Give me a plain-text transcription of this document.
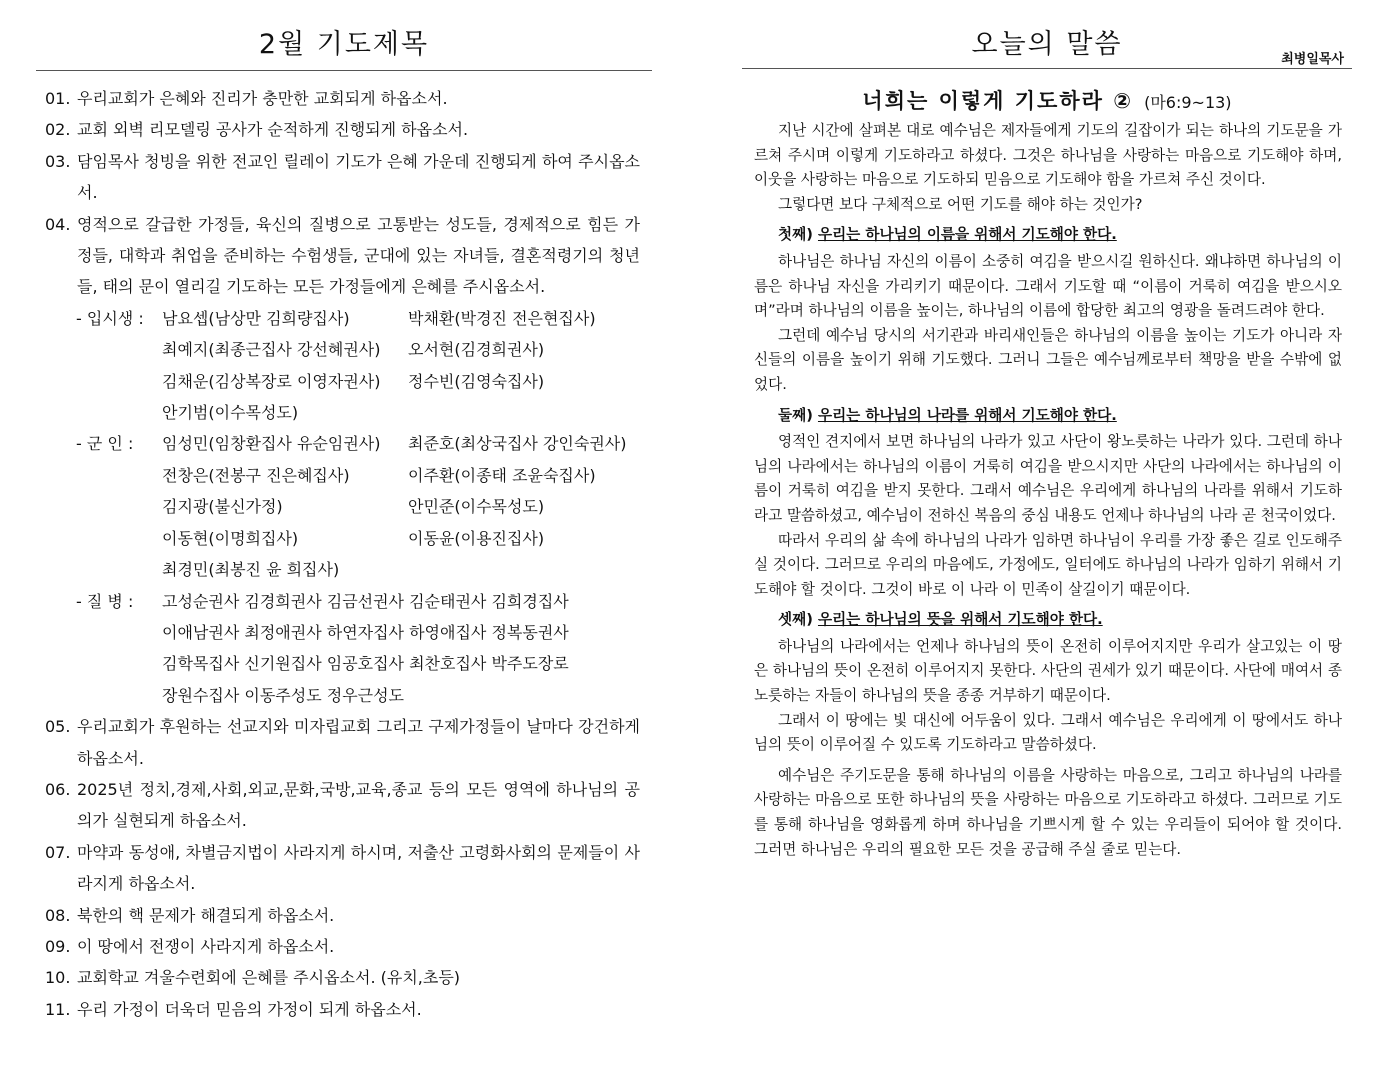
2월 기도제목
01. 우리교회가 은혜와 진리가 충만한 교회되게 하옵소서.
02. 교회 외벽 리모델링 공사가 순적하게 진행되게 하옵소서.
03. 담임목사 청빙을 위한 전교인 릴레이 기도가 은혜 가운데 진행되게 하여 주시옵소서.
04. 영적으로 갈급한 가정들, 육신의 질병으로 고통받는 성도들, 경제적으로 힘든 가정들, 대학과 취업을 준비하는 수험생들, 군대에 있는 자녀들, 결혼적령기의 청년들, 태의 문이 열리길 기도하는 모든 가정들에게 은혜를 주시옵소서.
- 입시생 :	남요셉(남상만 김희량집사)	박채환(박경진 전은현집사)
최예지(최종근집사 강선혜권사)	오서현(김경희권사)
김채운(김상복장로 이영자권사)	정수빈(김영숙집사)
안기범(이수목성도)
- 군 인 :	임성민(임창환집사 유순임권사)	최준호(최상국집사 강인숙권사)
전창은(전봉구 진은혜집사)	이주환(이종태 조윤숙집사)
김지광(불신가정)	안민준(이수목성도)
이동현(이명희집사)	이동윤(이용진집사)
최경민(최봉진 윤 희집사)
- 질 병 :	고성순권사 김경희권사 김금선권사 김순태권사 김희경집사
이애남권사 최정애권사 하연자집사 하영애집사 정복동권사
김학목집사 신기원집사 임공호집사 최찬호집사 박주도장로
장원수집사 이동주성도 정우근성도
05. 우리교회가 후원하는 선교지와 미자립교회 그리고 구제가정들이 날마다 강건하게 하옵소서.
06. 2025년 정치,경제,사회,외교,문화,국방,교육,종교 등의 모든 영역에 하나님의 공의가 실현되게 하옵소서.
07. 마약과 동성애, 차별금지법이 사라지게 하시며, 저출산 고령화사회의 문제들이 사라지게 하옵소서.
08. 북한의 핵 문제가 해결되게 하옵소서.
09. 이 땅에서 전쟁이 사라지게 하옵소서.
10. 교회학교 겨울수련회에 은혜를 주시옵소서. (유치,초등)
11. 우리 가정이 더욱더 믿음의 가정이 되게 하옵소서.
오늘의 말씀	최병일목사
너희는 이렇게 기도하라 ② (마6:9~13)

지난 시간에 살펴본 대로 예수님은 제자들에게 기도의 길잡이가 되는 하나의 기도문을 가르쳐 주시며 이렇게 기도하라고 하셨다. 그것은 하나님을 사랑하는 마음으로 기도해야 하며, 이웃을 사랑하는 마음으로 기도하되 믿음으로 기도해야 함을 가르쳐 주신 것이다.

그렇다면 보다 구체적으로 어떤 기도를 해야 하는 것인가?

첫째) 우리는 하나님의 이름을 위해서 기도해야 한다.

하나님은 하나님 자신의 이름이 소중히 여김을 받으시길 원하신다. 왜냐하면 하나님의 이름은 하나님 자신을 가리키기 때문이다. 그래서 기도할 때 “이름이 거룩히 여김을 받으시오며”라며 하나님의 이름을 높이는, 하나님의 이름에 합당한 최고의 영광을 돌려드려야 한다.

그런데 예수님 당시의 서기관과 바리새인들은 하나님의 이름을 높이는 기도가 아니라 자신들의 이름을 높이기 위해 기도했다. 그러니 그들은 예수님께로부터 책망을 받을 수밖에 없었다.

둘째) 우리는 하나님의 나라를 위해서 기도해야 한다.

영적인 견지에서 보면 하나님의 나라가 있고 사단이 왕노릇하는 나라가 있다. 그런데 하나님의 나라에서는 하나님의 이름이 거룩히 여김을 받으시지만 사단의 나라에서는 하나님의 이름이 거룩히 여김을 받지 못한다. 그래서 예수님은 우리에게 하나님의 나라를 위해서 기도하라고 말씀하셨고, 예수님이 전하신 복음의 중심 내용도 언제나 하나님의 나라 곧 천국이었다.

따라서 우리의 삶 속에 하나님의 나라가 임하면 하나님이 우리를 가장 좋은 길로 인도해주실 것이다. 그러므로 우리의 마음에도, 가정에도, 일터에도 하나님의 나라가 임하기 위해서 기도해야 할 것이다. 그것이 바로 이 나라 이 민족이 살길이기 때문이다.

셋째) 우리는 하나님의 뜻을 위해서 기도해야 한다.

하나님의 나라에서는 언제나 하나님의 뜻이 온전히 이루어지지만 우리가 살고있는 이 땅은 하나님의 뜻이 온전히 이루어지지 못한다. 사단의 권세가 있기 때문이다. 사단에 매여서 종노릇하는 자들이 하나님의 뜻을 종종 거부하기 때문이다.

그래서 이 땅에는 빛 대신에 어두움이 있다. 그래서 예수님은 우리에게 이 땅에서도 하나님의 뜻이 이루어질 수 있도록 기도하라고 말씀하셨다.

예수님은 주기도문을 통해 하나님의 이름을 사랑하는 마음으로, 그리고 하나님의 나라를 사랑하는 마음으로 또한 하나님의 뜻을 사랑하는 마음으로 기도하라고 하셨다. 그러므로 기도를 통해 하나님을 영화롭게 하며 하나님을 기쁘시게 할 수 있는 우리들이 되어야 할 것이다. 그러면 하나님은 우리의 필요한 모든 것을 공급해 주실 줄로 믿는다.
